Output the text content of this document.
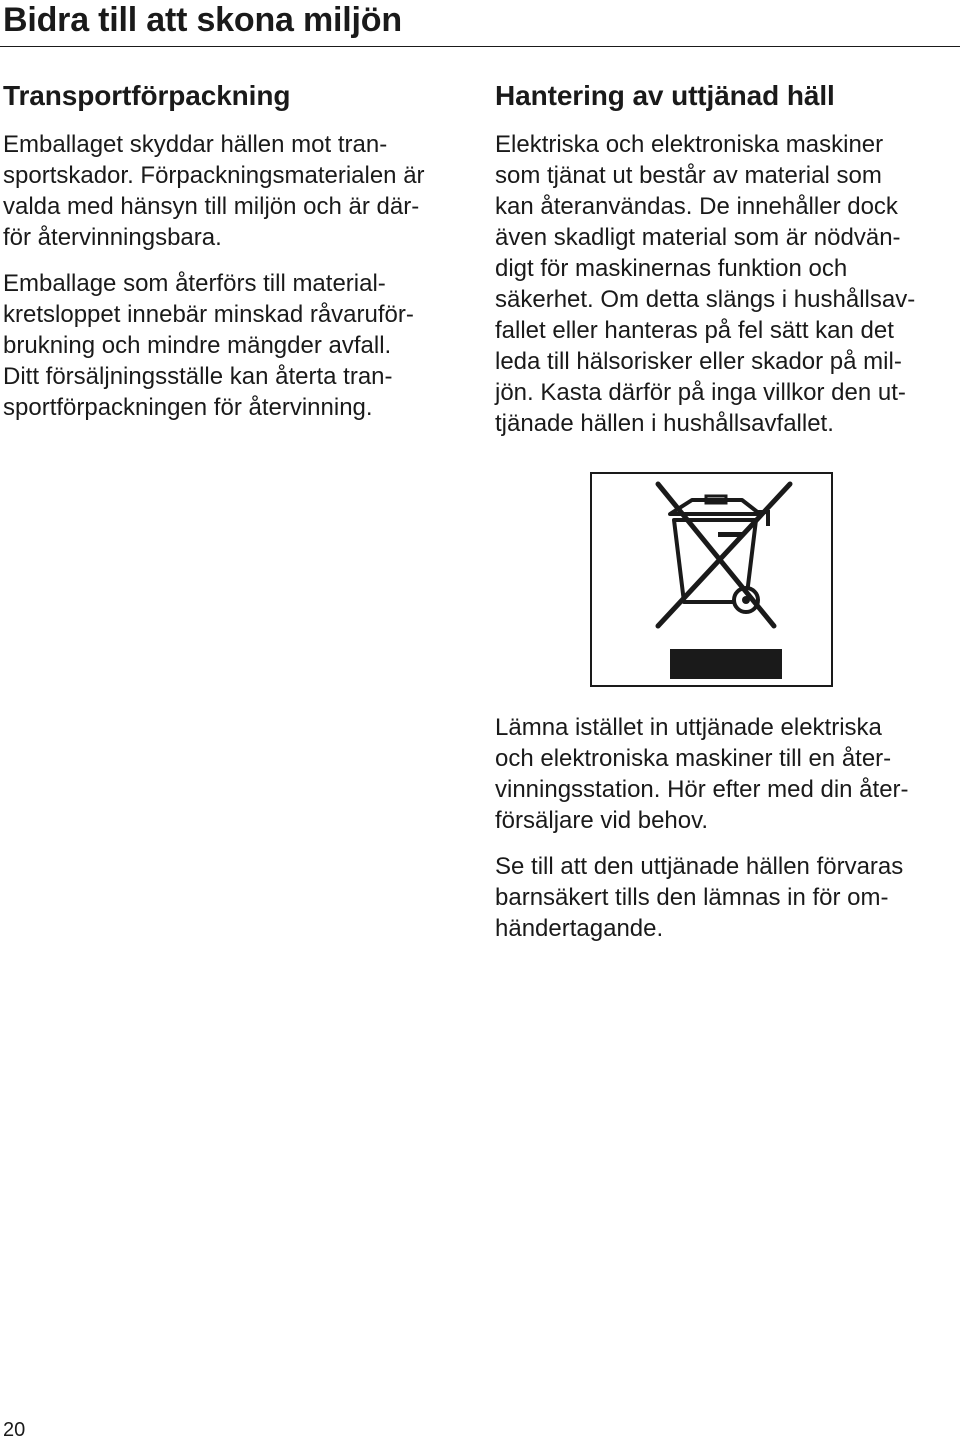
Bidra till att skona miljön
Transportförpackning

Emballaget skyddar hällen mot tran-
sportskador. Förpackningsmaterialen är
valda med hänsyn till miljön och är där-
för återvinningsbara.

Emballage som återförs till material-
kretsloppet innebär minskad råvaruför-
brukning och mindre mängder avfall.
Ditt försäljningsställe kan återta tran-
sportförpackningen för återvinning.

Hantering av uttjänad häll

Elektriska och elektroniska maskiner
som tjänat ut består av material som
kan återanvändas. De innehåller dock
även skadligt material som är nödvän-
digt för maskinernas funktion och
säkerhet. Om detta slängs i hushållsav-
fallet eller hanteras på fel sätt kan det
leda till hälsorisker eller skador på mil-
jön. Kasta därför på inga villkor den ut-
tjänade hällen i hushållsavfallet.

Lämna istället in uttjänade elektriska
och elektroniska maskiner till en åter-
vinningsstation. Hör efter med din åter-
försäljare vid behov.

Se till att den uttjänade hällen förvaras
barnsäkert tills den lämnas in för om-
händertagande.

20
